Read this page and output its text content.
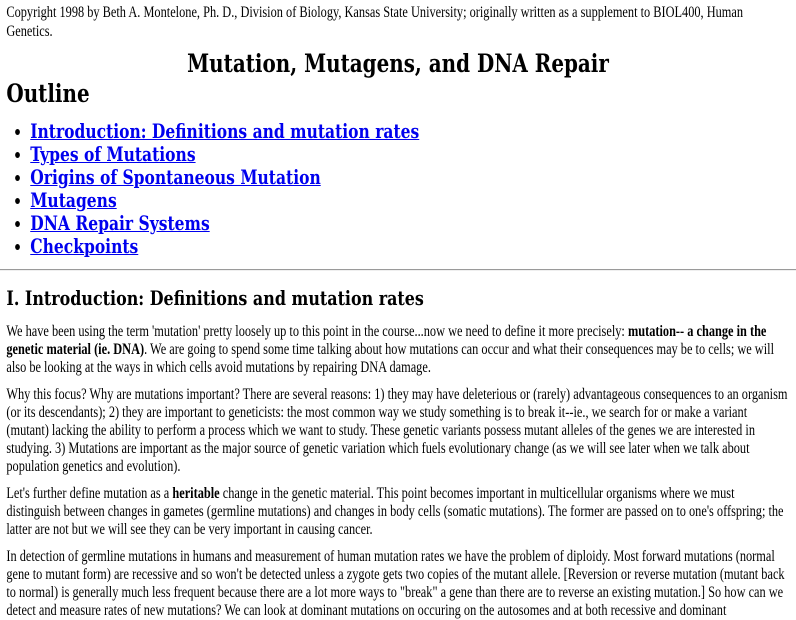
Copyright 1998 by Beth A. Montelone, Ph. D., Division of Biology, Kansas State University; originally written as a supplement to BIOL400, Human
Genetics.

Mutation, Mutagens, and DNA Repair
Outline
• Introduction: Definitions and mutation rates
• Types of Mutations
• Origins of Spontaneous Mutation
• Mutagens
• DNA Repair Systems
• Checkpoints
I. Introduction: Definitions and mutation rates

We have been using the term 'mutation' pretty loosely up to this point in the course...now we need to define it more precisely: mutation-- a change in the genetic material (ie. DNA). We are going to spend some time talking about how mutations can occur and what their consequences may be to cells; we will also be looking at the ways in which cells avoid mutations by repairing DNA damage.

Why this focus? Why are mutations important? There are several reasons: 1) they may have deleterious or (rarely) advantageous consequences to an organism (or its descendants); 2) they are important to geneticists: the most common way we study something is to break it--ie., we search for or make a variant (mutant) lacking the ability to perform a process which we want to study. These genetic variants possess mutant alleles of the genes we are interested in studying. 3) Mutations are important as the major source of genetic variation which fuels evolutionary change (as we will see later when we talk about population genetics and evolution).

Let's further define mutation as a heritable change in the genetic material. This point becomes important in multicellular organisms where we must distinguish between changes in gametes (germline mutations) and changes in body cells (somatic mutations). The former are passed on to one's offspring; the latter are not but we will see they can be very important in causing cancer.

In detection of germline mutations in humans and measurement of human mutation rates we have the problem of diploidy. Most forward mutations (normal gene to mutant form) are recessive and so won't be detected unless a zygote gets two copies of the mutant allele. [Reversion or reverse mutation (mutant back to normal) is generally much less frequent because there are a lot more ways to "break" a gene than there are to reverse an existing mutation.] So how can we detect and measure rates of new mutations? We can look at dominant mutations on occuring on the autosomes and at both recessive and dominant
